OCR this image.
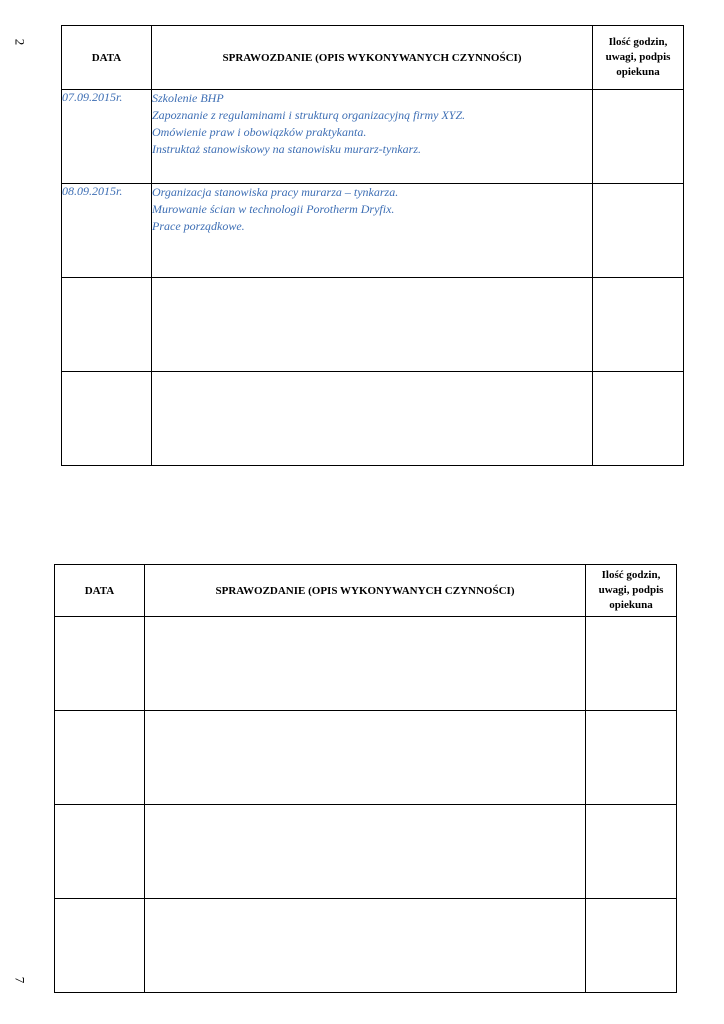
2
7
DATA	SPRAWOZDANIE (OPIS WYKONYWANYCH CZYNNOŚCI)	Ilość godzin,
uwagi, podpis
opiekuna

07.09.2015r.	Szkolenie BHP
Zapoznanie z regulaminami i strukturą organizacyjną firmy XYZ.
Omówienie praw i obowiązków praktykanta.
Instruktaż stanowiskowy na stanowisku murarz-tynkarz.	

08.09.2015r.	Organizacja stanowiska pracy murarza – tynkarza.
Murowanie ścian w technologii Porotherm Dryfix.
Prace porządkowe.	

DATA	SPRAWOZDANIE (OPIS WYKONYWANYCH CZYNNOŚCI)	Ilość godzin,
uwagi, podpis
opiekuna
